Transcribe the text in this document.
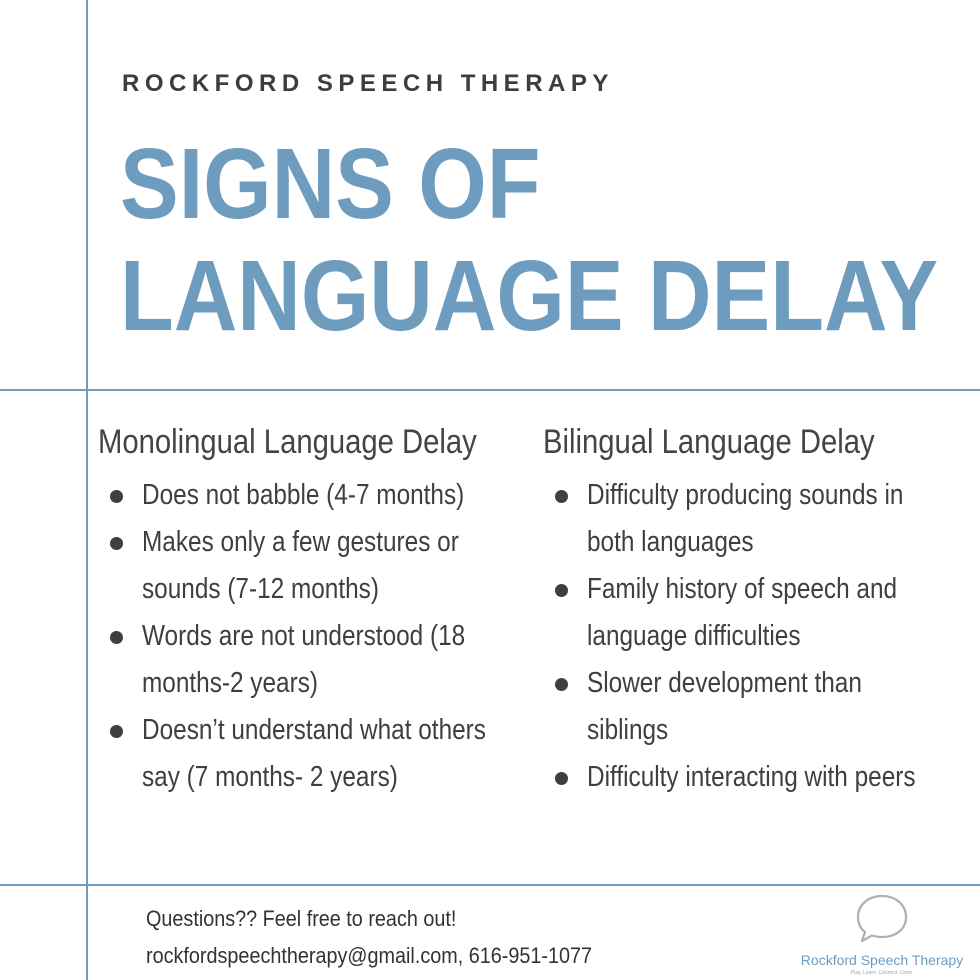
ROCKFORD SPEECH THERAPY
SIGNS OF
LANGUAGE DELAY
Monolingual Language Delay
Does not babble (4-7 months)
Makes only a few gestures or sounds (7-12 months)
Words are not understood (18 months-2 years)
Doesn’t understand what others say (7 months- 2 years)
Bilingual Language Delay
Difficulty producing sounds in both languages
Family history of speech and language difficulties
Slower development than siblings
Difficulty interacting with peers
Questions?? Feel free to reach out!
rockfordspeechtherapy@gmail.com, 616-951-1077	Rockford Speech Therapy
Play. Learn. Connect. Grow.
